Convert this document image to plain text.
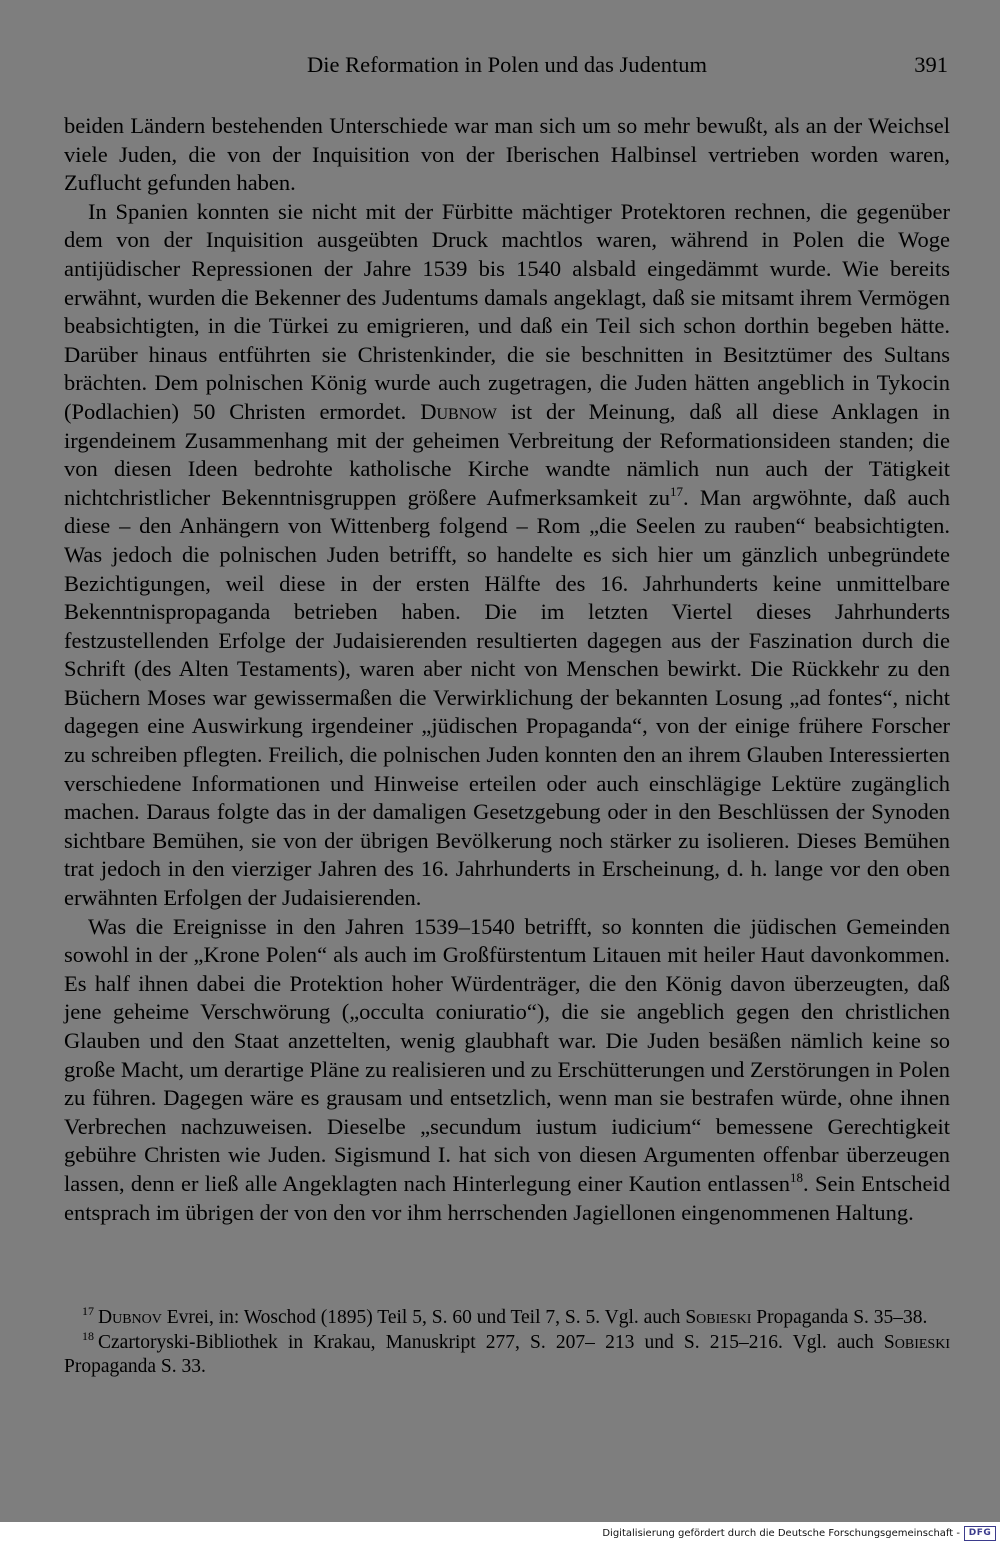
Die Reformation in Polen und das Judentum	391

beiden Ländern bestehenden Unterschiede war man sich um so mehr bewußt, als an der Weichsel viele Juden, die von der Inquisition von der Iberischen Halbinsel vertrieben worden waren, Zuflucht gefunden haben.

In Spanien konnten sie nicht mit der Fürbitte mächtiger Protektoren rechnen, die gegenüber dem von der Inquisition ausgeübten Druck machtlos waren, während in Polen die Woge antijüdischer Repressionen der Jahre 1539 bis 1540 alsbald eingedämmt wurde. Wie bereits erwähnt, wurden die Bekenner des Judentums damals angeklagt, daß sie mitsamt ihrem Vermögen beabsichtigten, in die Türkei zu emigrieren, und daß ein Teil sich schon dorthin begeben hätte. Darüber hinaus entführten sie Christenkinder, die sie beschnitten in Besitztümer des Sultans brächten. Dem polnischen König wurde auch zugetragen, die Juden hätten angeblich in Tykocin (Podlachien) 50 Christen ermordet. Dubnow ist der Meinung, daß all diese Anklagen in irgendeinem Zusammenhang mit der geheimen Verbreitung der Reformationsideen standen; die von diesen Ideen bedrohte katholische Kirche wandte nämlich nun auch der Tätigkeit nichtchristlicher Bekenntnisgruppen größere Aufmerksamkeit $zu^{17}$. Man argwöhnte, daß auch diese – den Anhängern von Wittenberg folgend – Rom „die Seelen zu rauben“ beabsichtigten. Was jedoch die polnischen Juden betrifft, so handelte es sich hier um gänzlich unbegründete Bezichtigungen, weil diese in der ersten Hälfte des 16. Jahrhunderts keine unmittelbare Bekenntnispropaganda betrieben haben. Die im letzten Viertel dieses Jahrhunderts festzustellenden Erfolge der Judaisierenden resultierten dagegen aus der Faszination durch die Schrift (des Alten Testaments), waren aber nicht von Menschen bewirkt. Die Rückkehr zu den Büchern Moses war gewissermaßen die Verwirklichung der bekannten Losung „ad fontes“, nicht dagegen eine Auswirkung irgendeiner „jüdischen Propaganda“, von der einige frühere Forscher zu schreiben pflegten. Freilich, die polnischen Juden konnten den an ihrem Glauben Interessierten verschiedene Informationen und Hinweise erteilen oder auch einschlägige Lektüre zugänglich machen. Daraus folgte das in der damaligen Gesetzgebung oder in den Beschlüssen der Synoden sichtbare Bemühen, sie von der übrigen Bevölkerung noch stärker zu isolieren. Dieses Bemühen trat jedoch in den vierziger Jahren des 16. Jahrhunderts in Erscheinung, d. h. lange vor den oben erwähnten Erfolgen der Judaisierenden.

Was die Ereignisse in den Jahren 1539–1540 betrifft, so konnten die jüdischen Gemeinden sowohl in der „Krone Polen“ als auch im Großfürstentum Litauen mit heiler Haut davonkommen. Es half ihnen dabei die Protektion hoher Würdenträger, die den König davon überzeugten, daß jene geheime Verschwörung („occulta coniuratio“), die sie angeblich gegen den christlichen Glauben und den Staat anzettelten, wenig glaubhaft war. Die Juden besäßen nämlich keine so große Macht, um derartige Pläne zu realisieren und zu Erschütterungen und Zerstörungen in Polen zu führen. Dagegen wäre es grausam und entsetzlich, wenn man sie bestrafen würde, ohne ihnen Verbrechen nachzuweisen. Dieselbe „secundum iustum iudicium“ bemessene Gerechtigkeit gebühre Christen wie Juden. Sigismund I. hat sich von diesen Argumenten offenbar überzeugen lassen, denn er ließ alle Angeklagten nach Hinterlegung einer Kaution entlassen$^{18}$. Sein Entscheid entsprach im übrigen der von den vor ihm herrschenden Jagiellonen eingenommenen Haltung.

$^{17}$ Dubnov Evrei, in: Woschod (1895) Teil 5, S. 60 und Teil 7, S. 5. Vgl. auch Sobieski Propaganda S. 35–38.

$^{18}$ Czartoryski-Bibliothek in Krakau, Manuskript 277, S. 207– 213 und S. 215–216. Vgl. auch Sobieski Propaganda S. 33.

Digitalisierung gefördert durch die Deutsche Forschungsgemeinschaft - DFG
